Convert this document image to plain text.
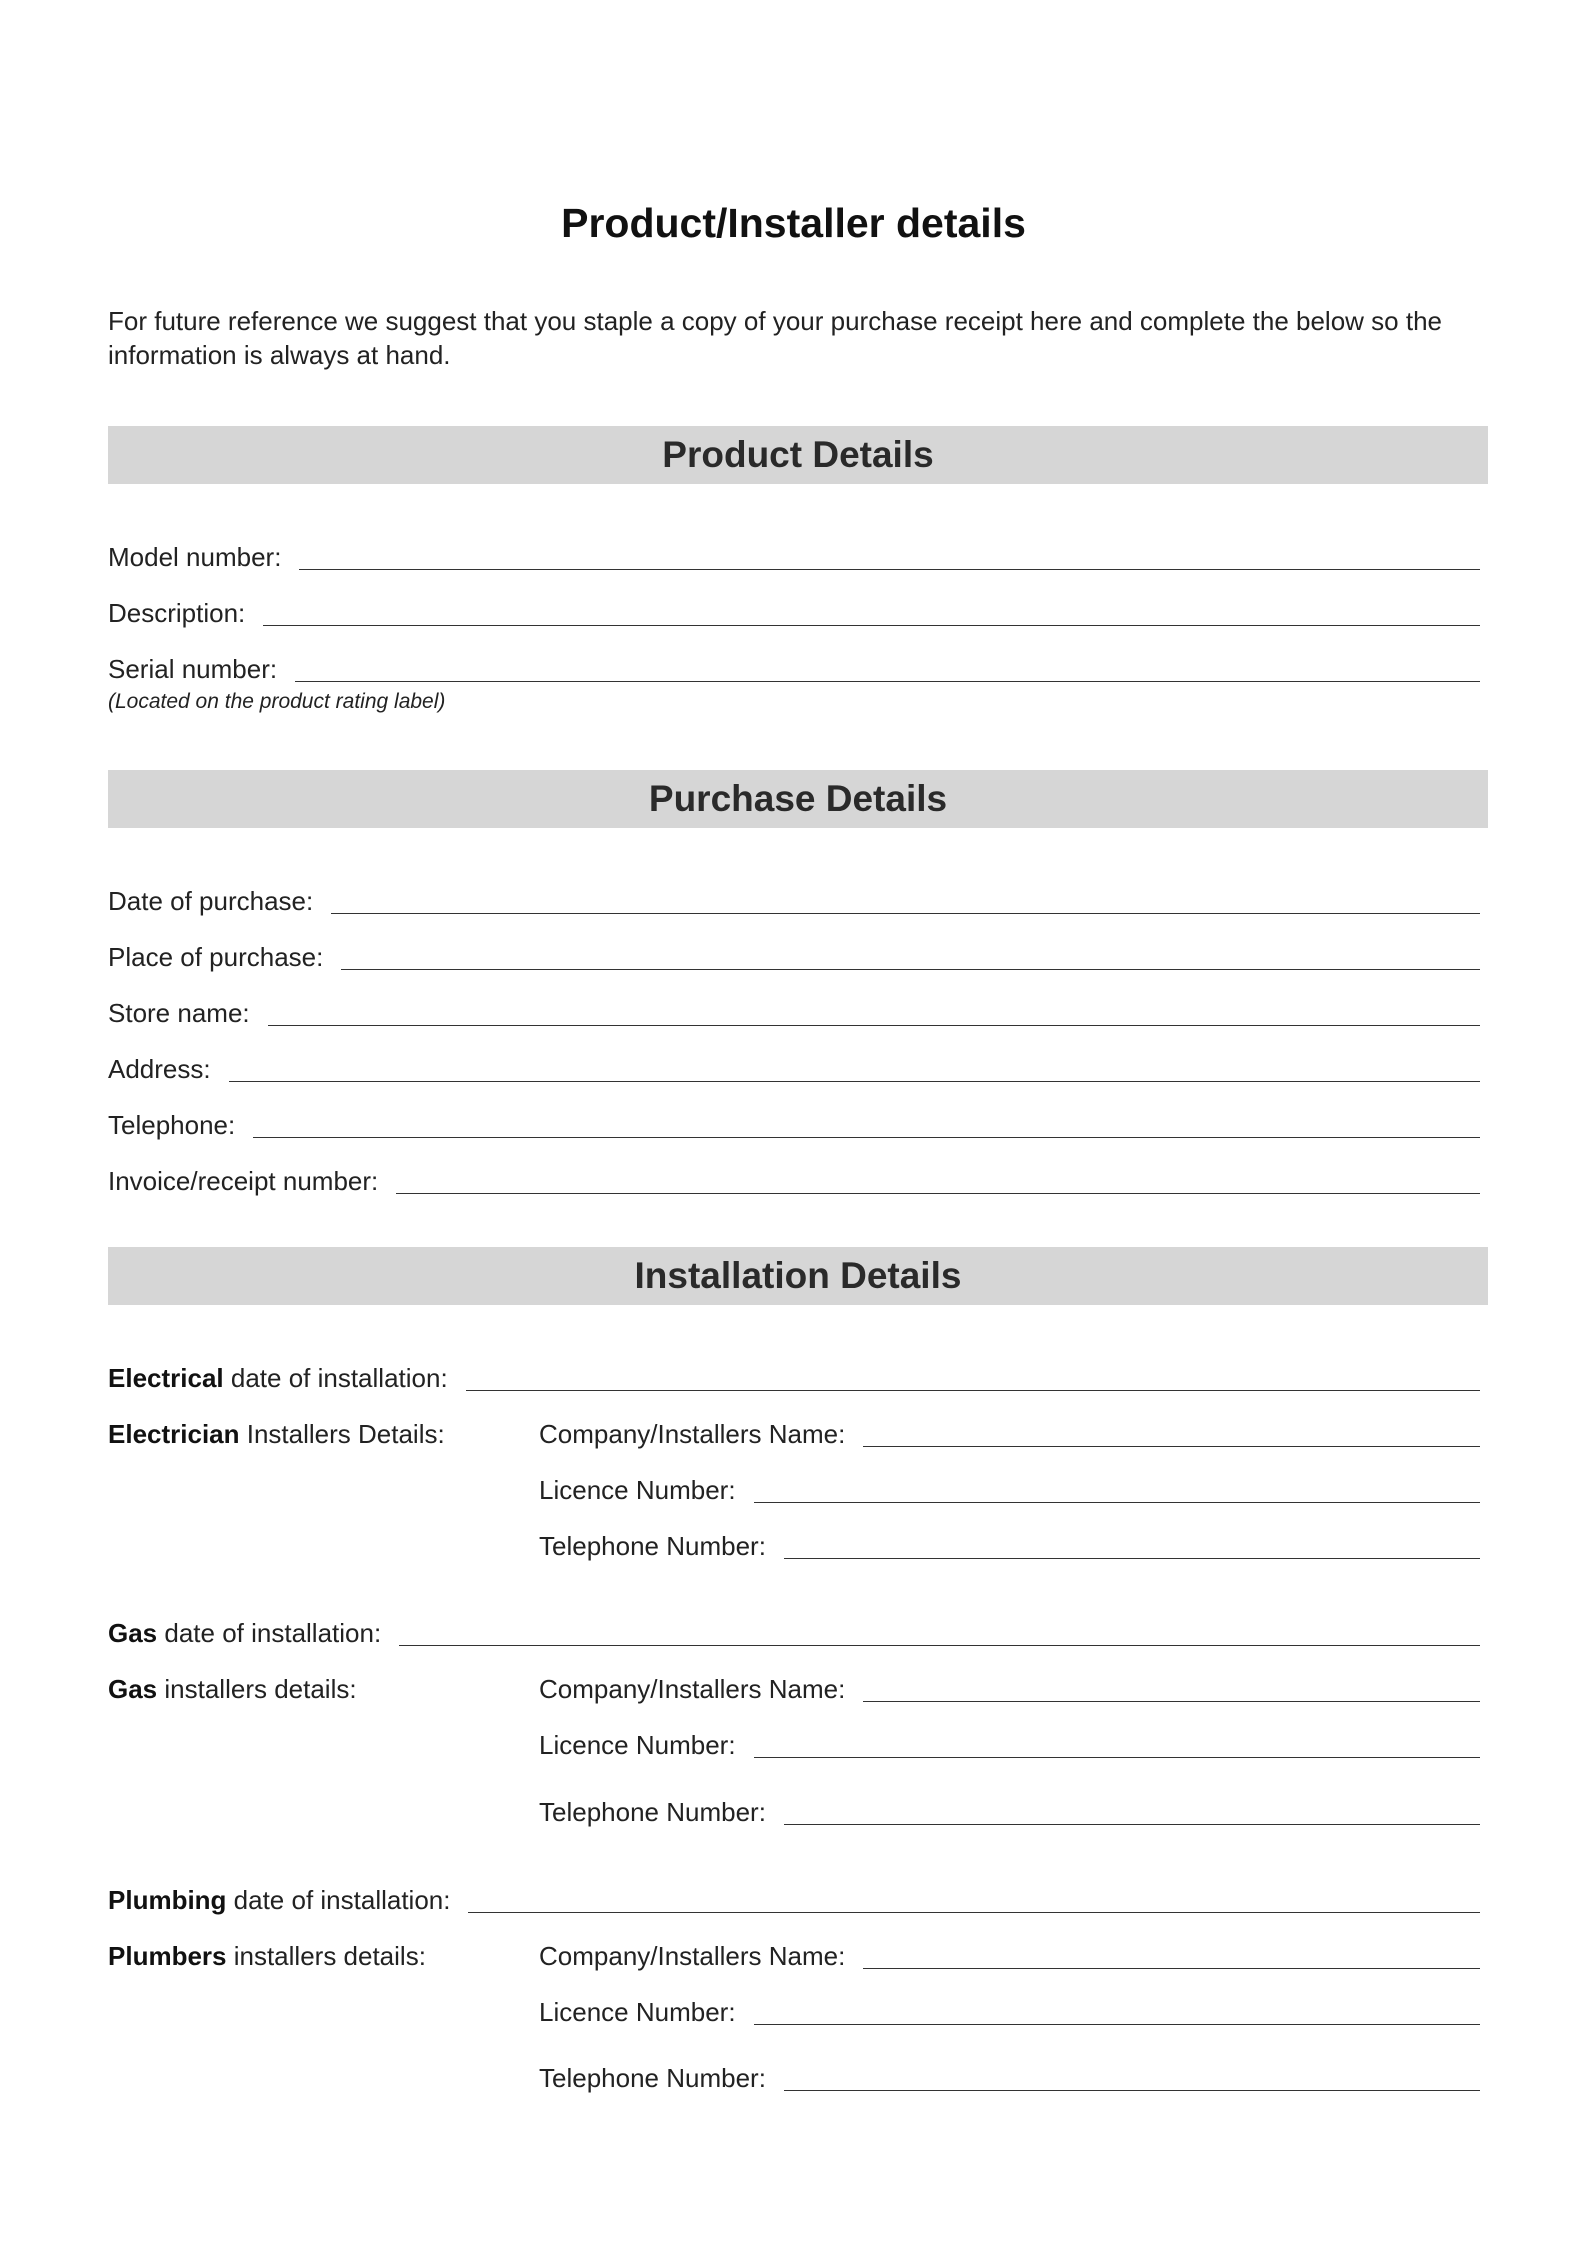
Product/Installer details

For future reference we suggest that you staple a copy of your purchase receipt here and complete the below so the information is always at hand.

Product Details
Model number:
Description:
Serial number:
(Located on the product rating label)
Purchase Details
Date of purchase:
Place of purchase:
Store name:
Address:
Telephone:
Invoice/receipt number:
Installation Details
Electrical date of installation:
Electrician Installers Details:	Company/Installers Name:
Licence Number:
Telephone Number:
Gas date of installation:
Gas installers details:	Company/Installers Name:
Licence Number:
Telephone Number:
Plumbing date of installation:
Plumbers installers details:	Company/Installers Name:
Licence Number:
Telephone Number:
